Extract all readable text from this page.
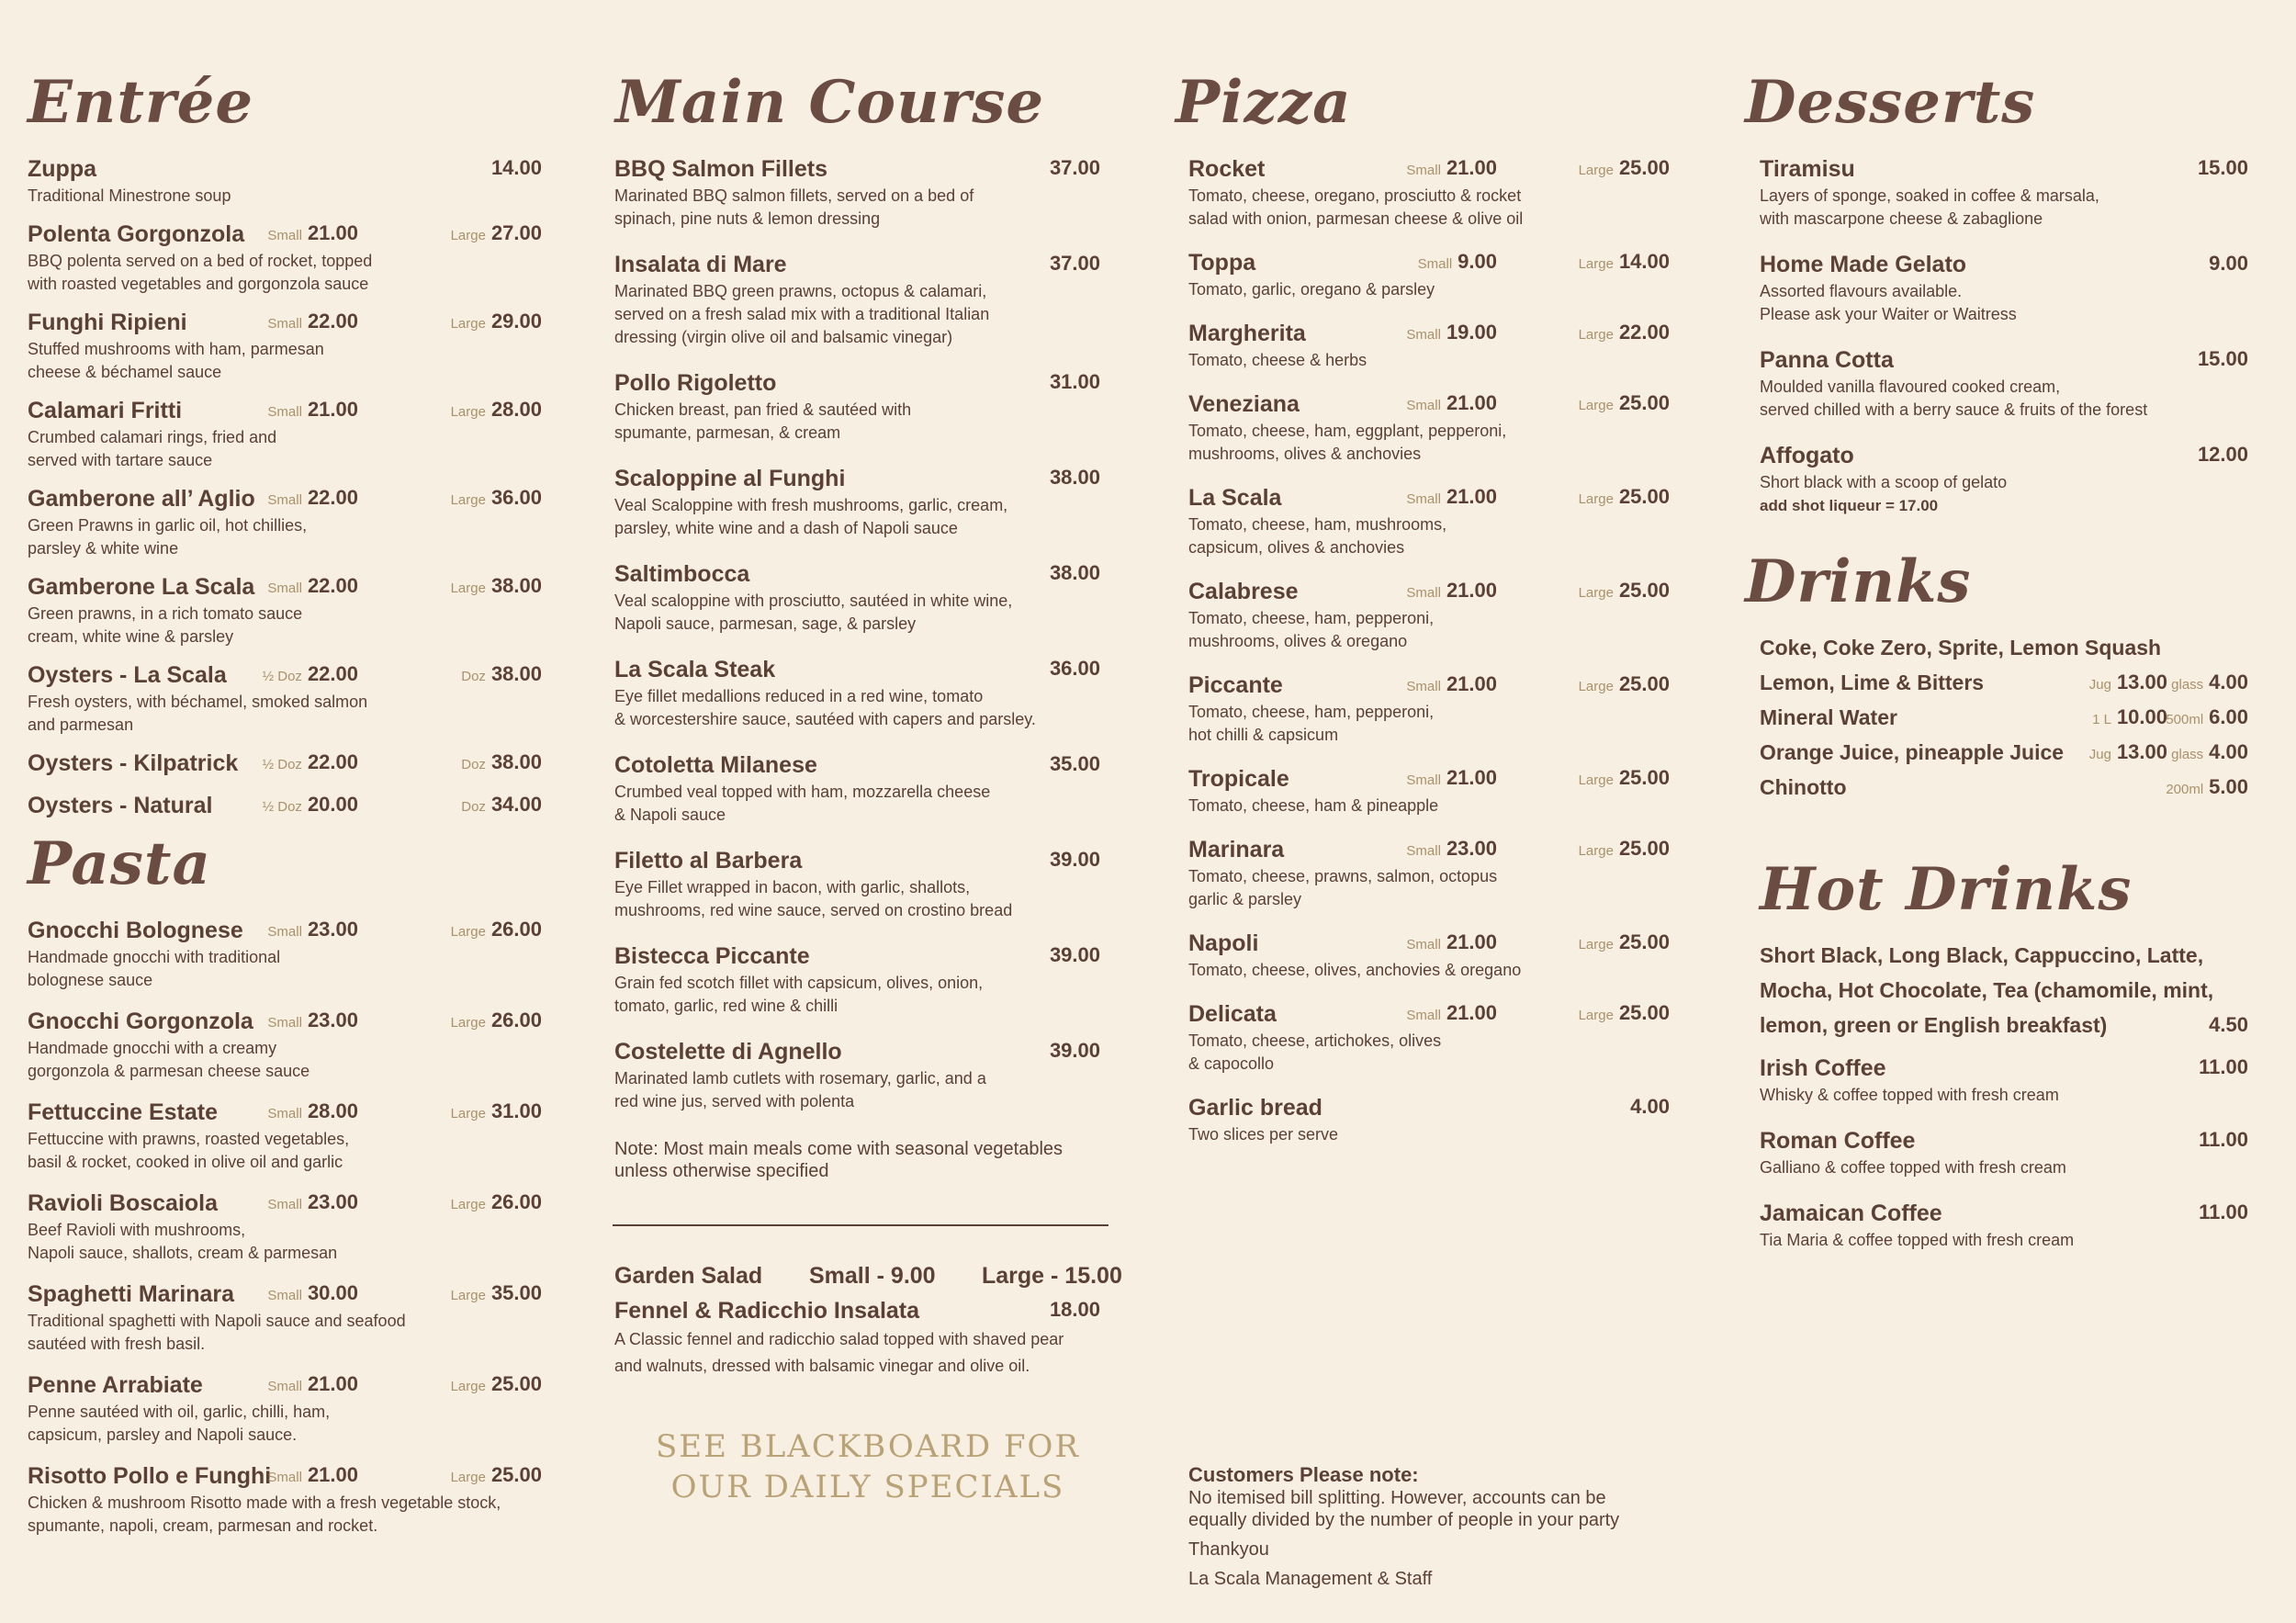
Entrée
Zuppa	14.00
Traditional Minestrone soup
Polenta Gorgonzola Small 21.00	Large 27.00
BBQ polenta served on a bed of rocket, topped
with roasted vegetables and gorgonzola sauce
Funghi Ripieni	Small 22.00	Large 29.00
Stuffed mushrooms with ham, parmesan
cheese & béchamel sauce
Calamari Fritti	Small 21.00	Large 28.00
Crumbed calamari rings, fried and
served with tartare sauce
Gamberone all’ Aglio Small 22.00	Large 36.00
Green Prawns in garlic oil, hot chillies,
parsley & white wine
Gamberone La Scala Small 22.00	Large 38.00
Green prawns, in a rich tomato sauce
cream, white wine & parsley
Oysters - La Scala	½ Doz 22.00	Doz 38.00
Fresh oysters, with béchamel, smoked salmon
and parmesan
Oysters - Kilpatrick ½ Doz 22.00	Doz 38.00
Oysters - Natural	½ Doz 20.00	Doz 34.00
Pasta
Gnocchi Bolognese Small 23.00	Large 26.00
Handmade gnocchi with traditional
bolognese sauce
Gnocchi Gorgonzola Small 23.00	Large 26.00
Handmade gnocchi with a creamy
gorgonzola & parmesan cheese sauce
Fettuccine Estate	Small 28.00	Large 31.00
Fettuccine with prawns, roasted vegetables,
basil & rocket, cooked in olive oil and garlic
Ravioli Boscaiola	Small 23.00	Large 26.00
Beef Ravioli with mushrooms,
Napoli sauce, shallots, cream & parmesan
Spaghetti Marinara Small 30.00	Large 35.00
Traditional spaghetti with Napoli sauce and seafood
sautéed with fresh basil.
Penne Arrabiate	Small 21.00	Large 25.00
Penne sautéed with oil, garlic, chilli, ham,
capsicum, parsley and Napoli sauce.
Risotto Pollo e Funghi
Small 21.00	Large 25.00
Chicken & mushroom Risotto made with a fresh vegetable stock,
spumante, napoli, cream, parmesan and rocket.
Main Course
BBQ Salmon Fillets	37.00
Marinated BBQ salmon fillets, served on a bed of
spinach, pine nuts & lemon dressing
Insalata di Mare	37.00
Marinated BBQ green prawns, octopus & calamari,
served on a fresh salad mix with a traditional Italian
dressing (virgin olive oil and balsamic vinegar)
Pollo Rigoletto	31.00
Chicken breast, pan fried & sautéed with
spumante, parmesan, & cream
Scaloppine al Funghi	38.00
Veal Scaloppine with fresh mushrooms, garlic, cream,
parsley, white wine and a dash of Napoli sauce
Saltimbocca	38.00
Veal scaloppine with prosciutto, sautéed in white wine,
Napoli sauce, parmesan, sage, & parsley
La Scala Steak	36.00
Eye fillet medallions reduced in a red wine, tomato
& worcestershire sauce, sautéed with capers and parsley.
Cotoletta Milanese	35.00
Crumbed veal topped with ham, mozzarella cheese
& Napoli sauce
Filetto al Barbera	39.00
Eye Fillet wrapped in bacon, with garlic, shallots,
mushrooms, red wine sauce, served on crostino bread
Bistecca Piccante	39.00
Grain fed scotch fillet with capsicum, olives, onion,
tomato, garlic, red wine & chilli
Costelette di Agnello	39.00
Marinated lamb cutlets with rosemary, garlic, and a
red wine jus, served with polenta
Note: Most main meals come with seasonal vegetables
unless otherwise specified
Garden Salad Small - 9.00 Large - 15.00
Fennel & Radicchio Insalata	18.00
A Classic fennel and radicchio salad topped with shaved pear
and walnuts, dressed with balsamic vinegar and olive oil.
SEE BLACKBOARD FOR
OUR DAILY SPECIALS
Pizza
Rocket	Small 21.00	Large 25.00
Tomato, cheese, oregano, prosciutto & rocket
salad with onion, parmesan cheese & olive oil
Toppa	Small 9.00	Large 14.00
Tomato, garlic, oregano & parsley
Margherita	Small 19.00	Large 22.00
Tomato, cheese & herbs
Veneziana	Small 21.00	Large 25.00
Tomato, cheese, ham, eggplant, pepperoni,
mushrooms, olives & anchovies
La Scala	Small 21.00	Large 25.00
Tomato, cheese, ham, mushrooms,
capsicum, olives & anchovies
Calabrese	Small 21.00	Large 25.00
Tomato, cheese, ham, pepperoni,
mushrooms, olives & oregano
Piccante	Small 21.00	Large 25.00
Tomato, cheese, ham, pepperoni,
hot chilli & capsicum
Tropicale	Small 21.00	Large 25.00
Tomato, cheese, ham & pineapple
Marinara	Small 23.00	Large 25.00
Tomato, cheese, prawns, salmon, octopus
garlic & parsley
Napoli	Small 21.00	Large 25.00
Tomato, cheese, olives, anchovies & oregano
Delicata	Small 21.00	Large 25.00
Tomato, cheese, artichokes, olives
& capocollo
Garlic bread	4.00
Two slices per serve
Customers Please note:
No itemised bill splitting. However, accounts can be
equally divided by the number of people in your party
Thankyou
La Scala Management & Staff
Desserts
Tiramisu	15.00
Layers of sponge, soaked in coffee & marsala,
with mascarpone cheese & zabaglione
Home Made Gelato	9.00
Assorted flavours available.
Please ask your Waiter or Waitress
Panna Cotta	15.00
Moulded vanilla flavoured cooked cream,
served chilled with a berry sauce & fruits of the forest
Affogato	12.00
Short black with a scoop of gelato
add shot liqueur = 17.00
Drinks
Coke, Coke Zero, Sprite, Lemon Squash
Lemon, Lime & Bitters	Jug 13.00 glass 4.00
Mineral Water	1 L 10.00
500ml 6.00
Orange Juice, pineapple Juice Jug 13.00 glass 4.00
Chinotto	200ml 5.00
Hot Drinks
Short Black, Long Black, Cappuccino, Latte,
Mocha, Hot Chocolate, Tea (chamomile, mint,
lemon, green or English breakfast)	4.50
Irish Coffee	11.00
Whisky & coffee topped with fresh cream
Roman Coffee	11.00
Galliano & coffee topped with fresh cream
Jamaican Coffee	11.00
Tia Maria & coffee topped with fresh cream
